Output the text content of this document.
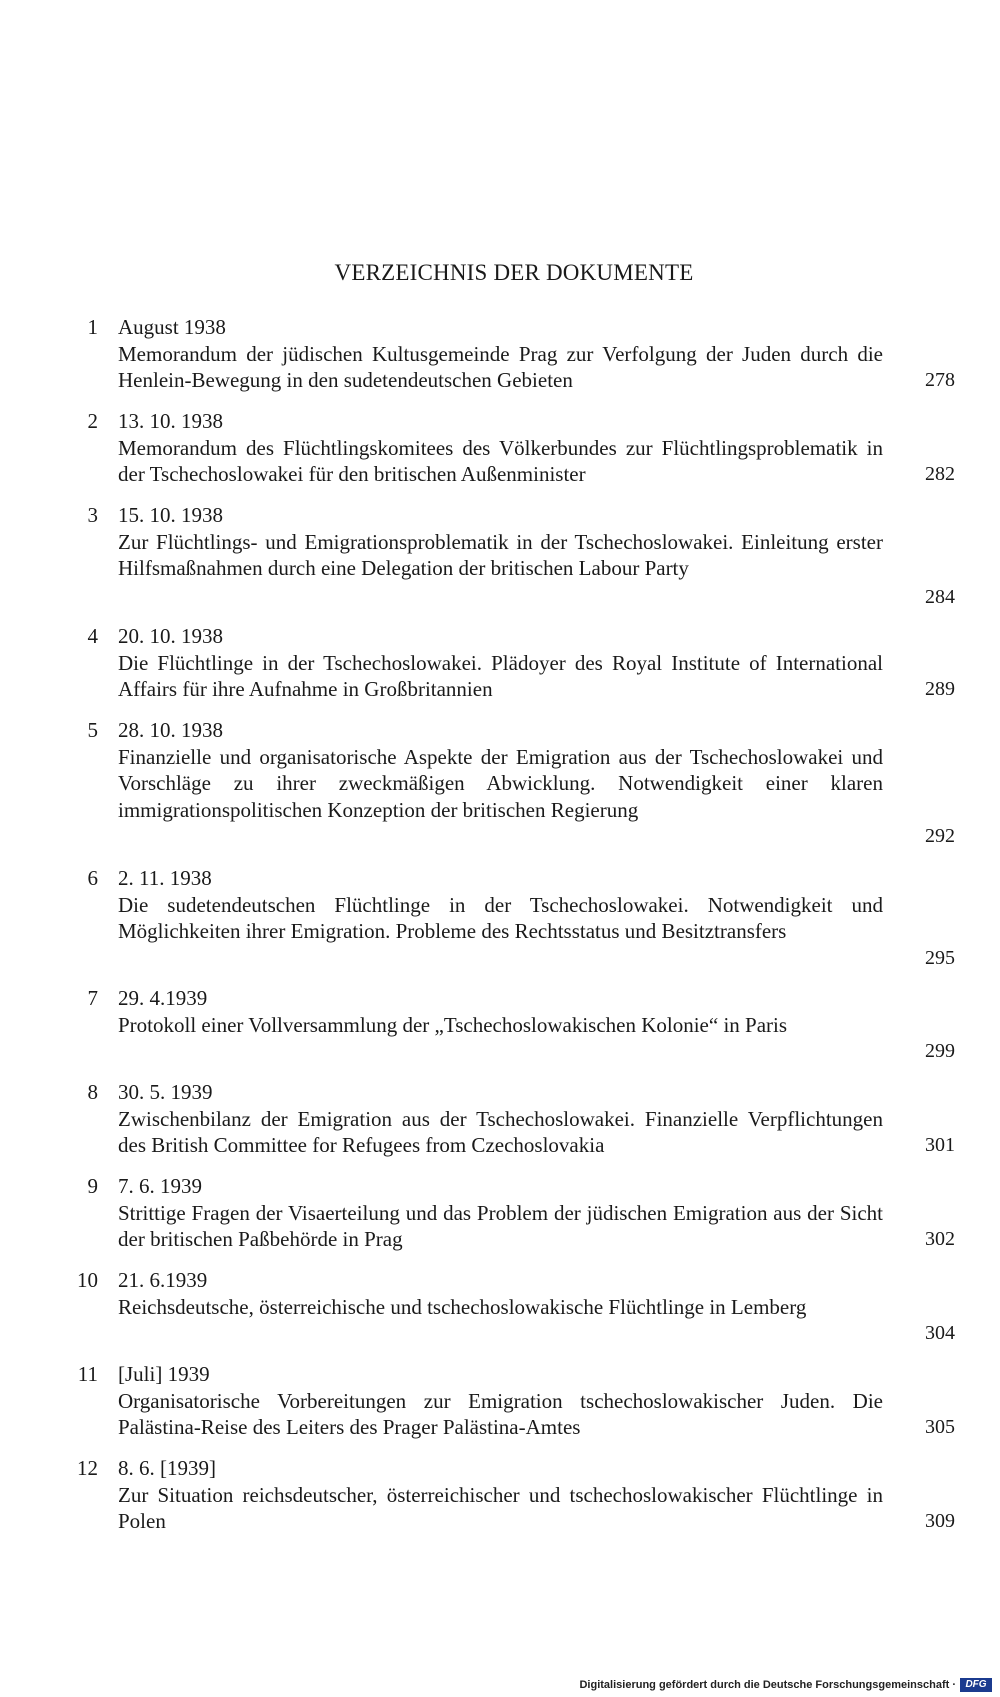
VERZEICHNIS DER DOKUMENTE
1 August 1938
Memorandum der jüdischen Kultusgemeinde Prag zur Verfolgung der Juden durch die Henlein-Bewegung in den sudetendeutschen Gebieten	278
2 13. 10. 1938
Memorandum des Flüchtlingskomitees des Völkerbundes zur Flüchtlingsproblematik in der Tschechoslowakei für den britischen Außenminister	282
3 15. 10. 1938
Zur Flüchtlings- und Emigrationsproblematik in der Tschechoslowakei. Einleitung erster Hilfsmaßnahmen durch eine Delegation der britischen Labour Party
284
4 20. 10. 1938
Die Flüchtlinge in der Tschechoslowakei. Plädoyer des Royal Institute of International Affairs für ihre Aufnahme in Großbritannien	289
5 28. 10. 1938
Finanzielle und organisatorische Aspekte der Emigration aus der Tschechoslowakei und Vorschläge zu ihrer zweckmäßigen Abwicklung. Notwendigkeit einer klaren immigrationspolitischen Konzeption der britischen Regierung
292
6 2. 11. 1938
Die sudetendeutschen Flüchtlinge in der Tschechoslowakei. Notwendigkeit und Möglichkeiten ihrer Emigration. Probleme des Rechtsstatus und Besitztransfers
295
7 29. 4.1939
Protokoll einer Vollversammlung der „Tschechoslowakischen Kolonie“ in Paris
299
8 30. 5. 1939
Zwischenbilanz der Emigration aus der Tschechoslowakei. Finanzielle Verpflichtungen des British Committee for Refugees from Czechoslovakia	301
9 7. 6. 1939
Strittige Fragen der Visaerteilung und das Problem der jüdischen Emigration aus der Sicht der britischen Paßbehörde in Prag	302
10 21. 6.1939
Reichsdeutsche, österreichische und tschechoslowakische Flüchtlinge in Lemberg
304
11 [Juli] 1939
Organisatorische Vorbereitungen zur Emigration tschechoslowakischer Juden. Die Palästina-Reise des Leiters des Prager Palästina-Amtes	305
12 8. 6. [1939]
Zur Situation reichsdeutscher, österreichischer und tschechoslowakischer Flüchtlinge in Polen	309
Digitalisierung gefördert durch die Deutsche Forschungsgemeinschaft · DFG
